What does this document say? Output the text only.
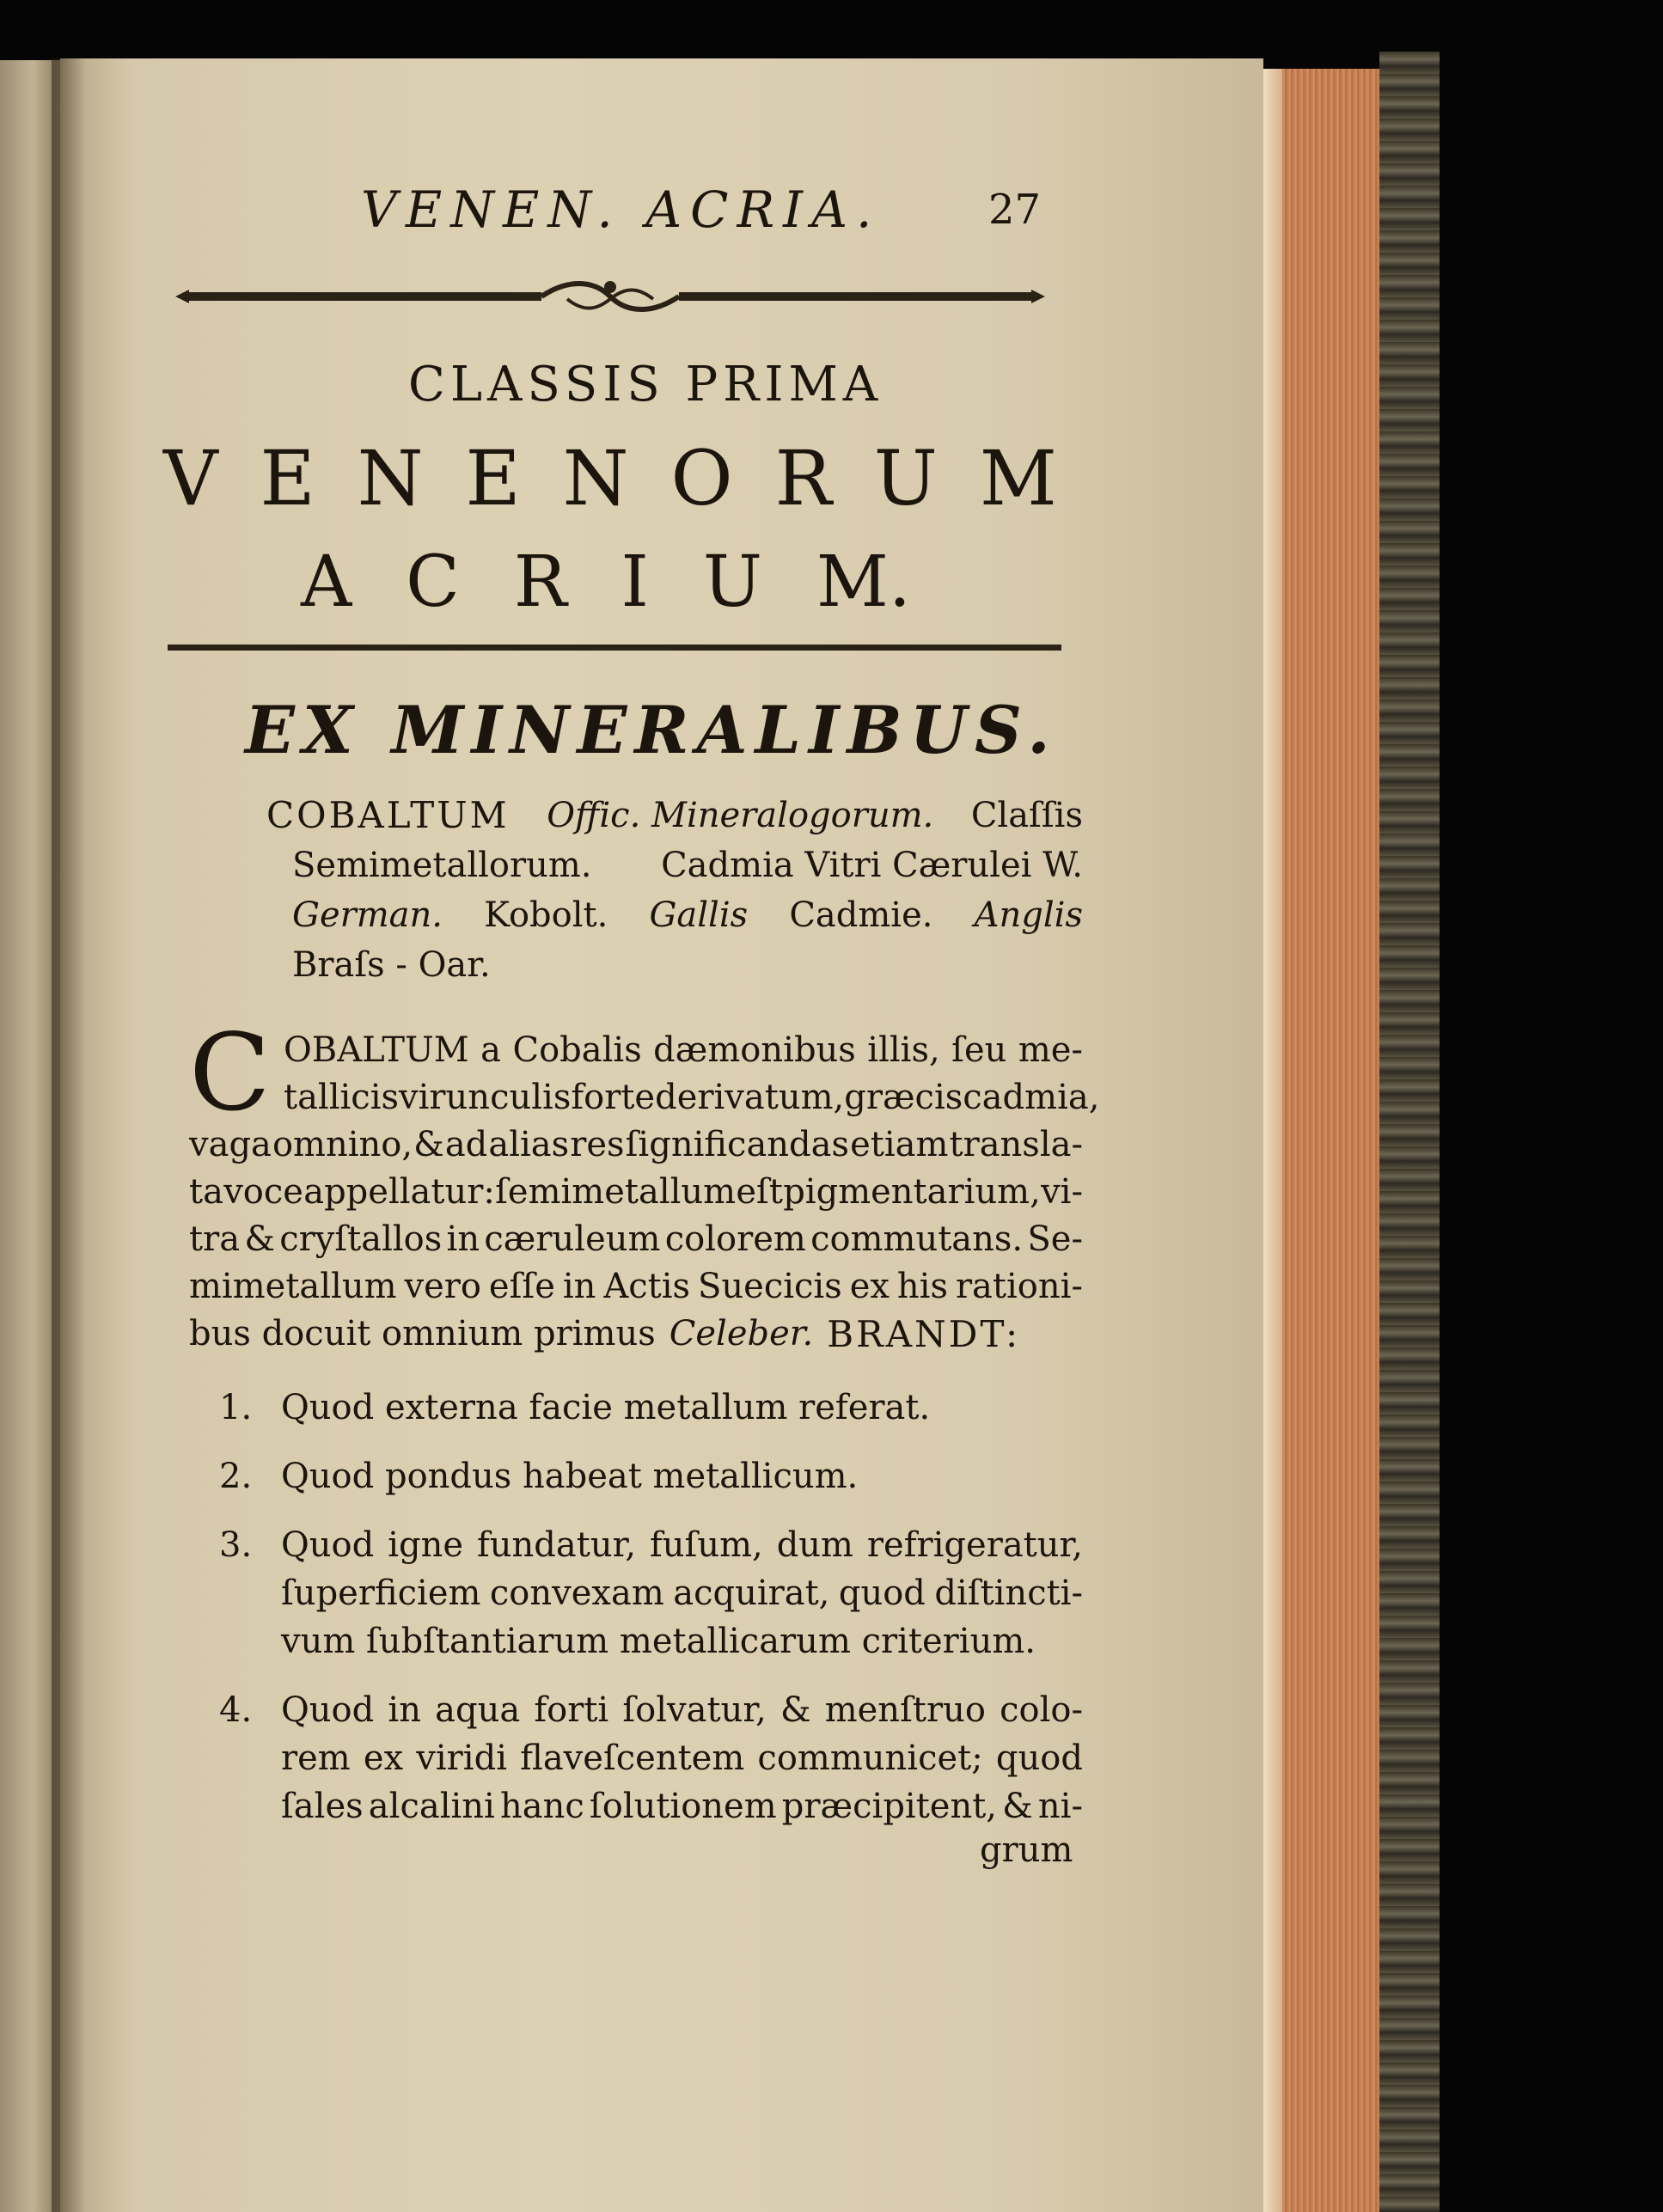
VENEN. ACRIA.	27
CLASSIS PRIMA
V E N E N O R U M
A C R I U M.
EX MINERALIBUS.
COBALTUM Offic. Mineralogorum. Claſſis
Semimetallorum. Cadmia Vitri Cærulei W.
German. Kobolt. Gallis Cadmie. Anglis
Braſs - Oar.
C OBALTUM a Cobalis dæmonibus illis, ſeu me-
tallicis virunculis forte derivatum, græcis cadmia,
vaga omnino, & ad alias res ſignificandas etiam transla-
ta voce appellatur: ſemimetallum eſt pigmentarium, vi-
tra & cryſtallos in cæruleum colorem commutans. Se-
mimetallum vero eſſe in Actis Suecicis ex his rationi-
bus docuit omnium primus Celeber. BRANDT:
1. Quod externa facie metallum referat.
2. Quod pondus habeat metallicum.
3. Quod igne fundatur, fuſum, dum refrigeratur,
ſuperficiem convexam acquirat, quod diſtincti-
vum ſubſtantiarum metallicarum criterium.
4. Quod in aqua forti ſolvatur, & menſtruo colo-
rem ex viridi flaveſcentem communicet; quod
ſales alcalini hanc ſolutionem præcipitent, & ni-
grum
